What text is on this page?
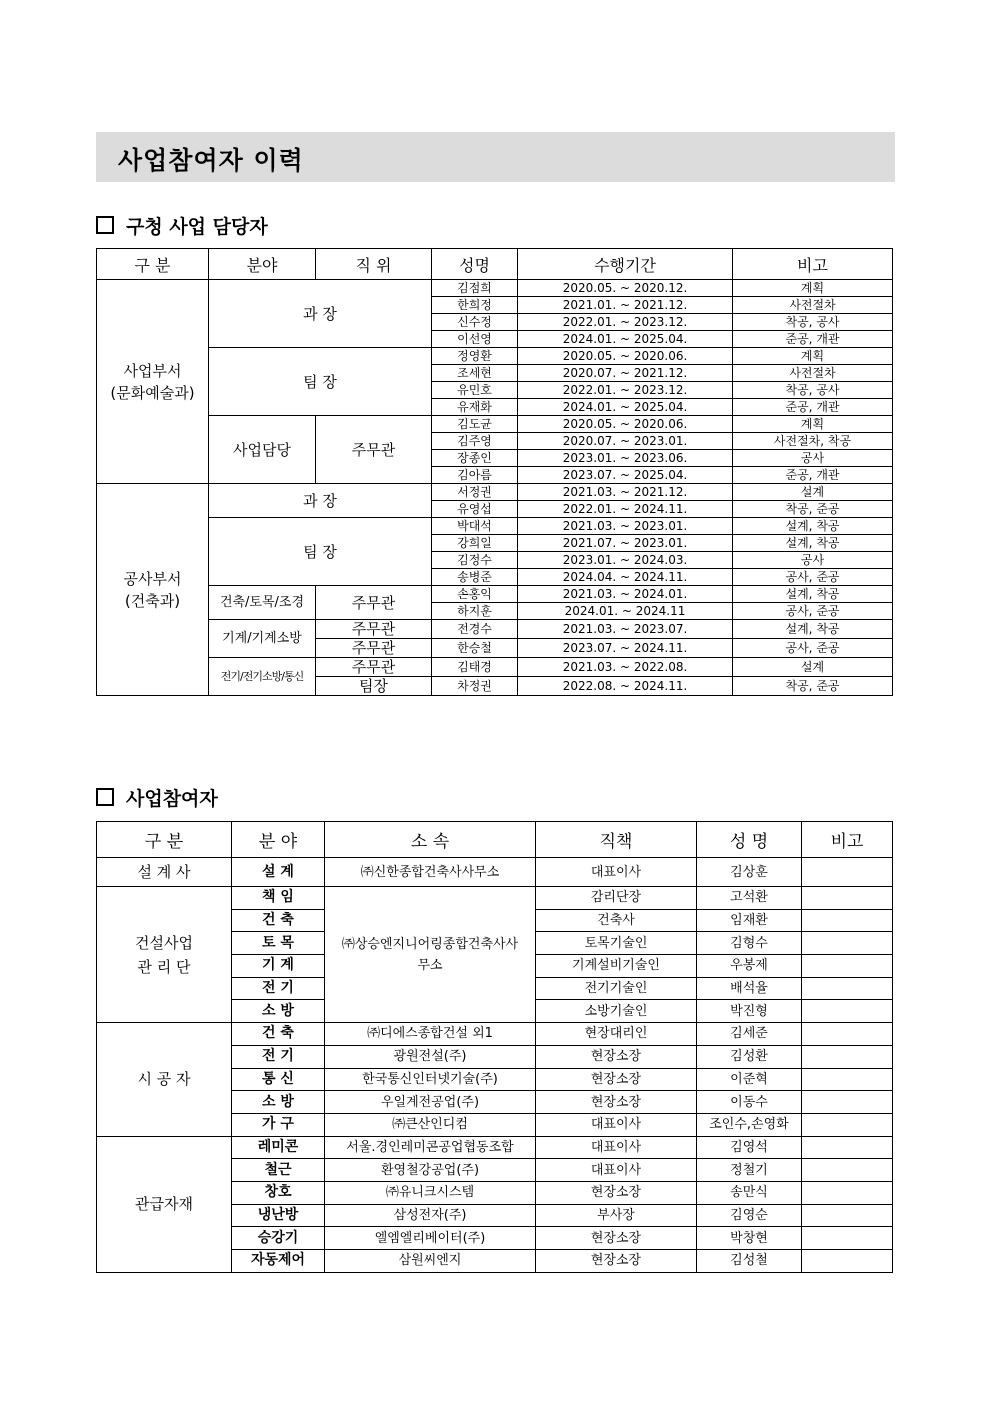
사업참여자 이력
구청 사업 담당자
구 분	분야	직 위	성명	수행기간	비고

사업부서
(문화예술과)	과 장		김점희	2020.05. ~ 2020.12.	계획
			한희정	2021.01. ~ 2021.12.	사전절차
			신수정	2022.01. ~ 2023.12.	착공, 공사
			이선영	2024.01. ~ 2025.04.	준공, 개관
	팀 장		정영환	2020.05. ~ 2020.06.	계획
			조세현	2020.07. ~ 2021.12.	사전절차
			유민호	2022.01. ~ 2023.12.	착공, 공사
			유재화	2024.01. ~ 2025.04.	준공, 개관
	사업담당	주무관	김도균	2020.05. ~ 2020.06.	계획
			김주영	2020.07. ~ 2023.01.	사전절차, 착공
			장종인	2023.01. ~ 2023.06.	공사
			김아름	2023.07. ~ 2025.04.	준공, 개관

공사부서
(건축과)	과 장		서정권	2021.03. ~ 2021.12.	설계
			유영섭	2022.01. ~ 2024.11.	착공, 준공
	팀 장		박대석	2021.03. ~ 2023.01.	설계, 착공
			강희일	2021.07. ~ 2023.01.	설계, 착공
			김정수	2023.01. ~ 2024.03.	공사
			송병준	2024.04. ~ 2024.11.	공사, 준공
	건축/토목/조경	주무관	손홍익	2021.03. ~ 2024.01.	설계, 착공
			하지훈	2024.01. ~ 2024.11	공사, 준공
	기계/기계소방	주무관	전경수	2021.03. ~ 2023.07.	설계, 착공
		주무관	한승철	2023.07. ~ 2024.11.	공사, 준공
	전기/전기소방/통신	주무관	김태경	2021.03. ~ 2022.08.	설계
		팀장	차정권	2022.08. ~ 2024.11.	착공, 준공
사업참여자
구 분	분 야	소 속	직책	성 명	비고
설 계 사	설 계	㈜신한종합건축사사무소	대표이사	김상훈	

건설사업
관 리 단	책 임	㈜상승엔지니어링종합건축사사무소	감리단장	고석환	
	건 축		건축사	임재환	
	토 목		토목기술인	김형수	
	기 계		기계설비기술인	우봉제	
	전 기		전기기술인	배석율	
	소 방		소방기술인	박진형	
시 공 자	건 축	㈜디에스종합건설 외1	현장대리인	김세준	
	전 기	광원전설(주)	현장소장	김성환	
	통 신	한국통신인터넷기술(주)	현장소장	이준혁	
	소 방	우일계전공업(주)	현장소장	이동수	
	가 구	㈜큰산인디컴	대표이사	조인수,손영화	
관급자재	레미콘	서울.경인레미콘공업협동조합	대표이사	김영석	
	철근	환영철강공업(주)	대표이사	정철기	
	창호	㈜유니크시스템	현장소장	송만식	
	냉난방	삼성전자(주)	부사장	김영순	
	승강기	엘엠엘리베이터(주)	현장소장	박창현	
	자동제어	삼원씨엔지	현장소장	김성철	
